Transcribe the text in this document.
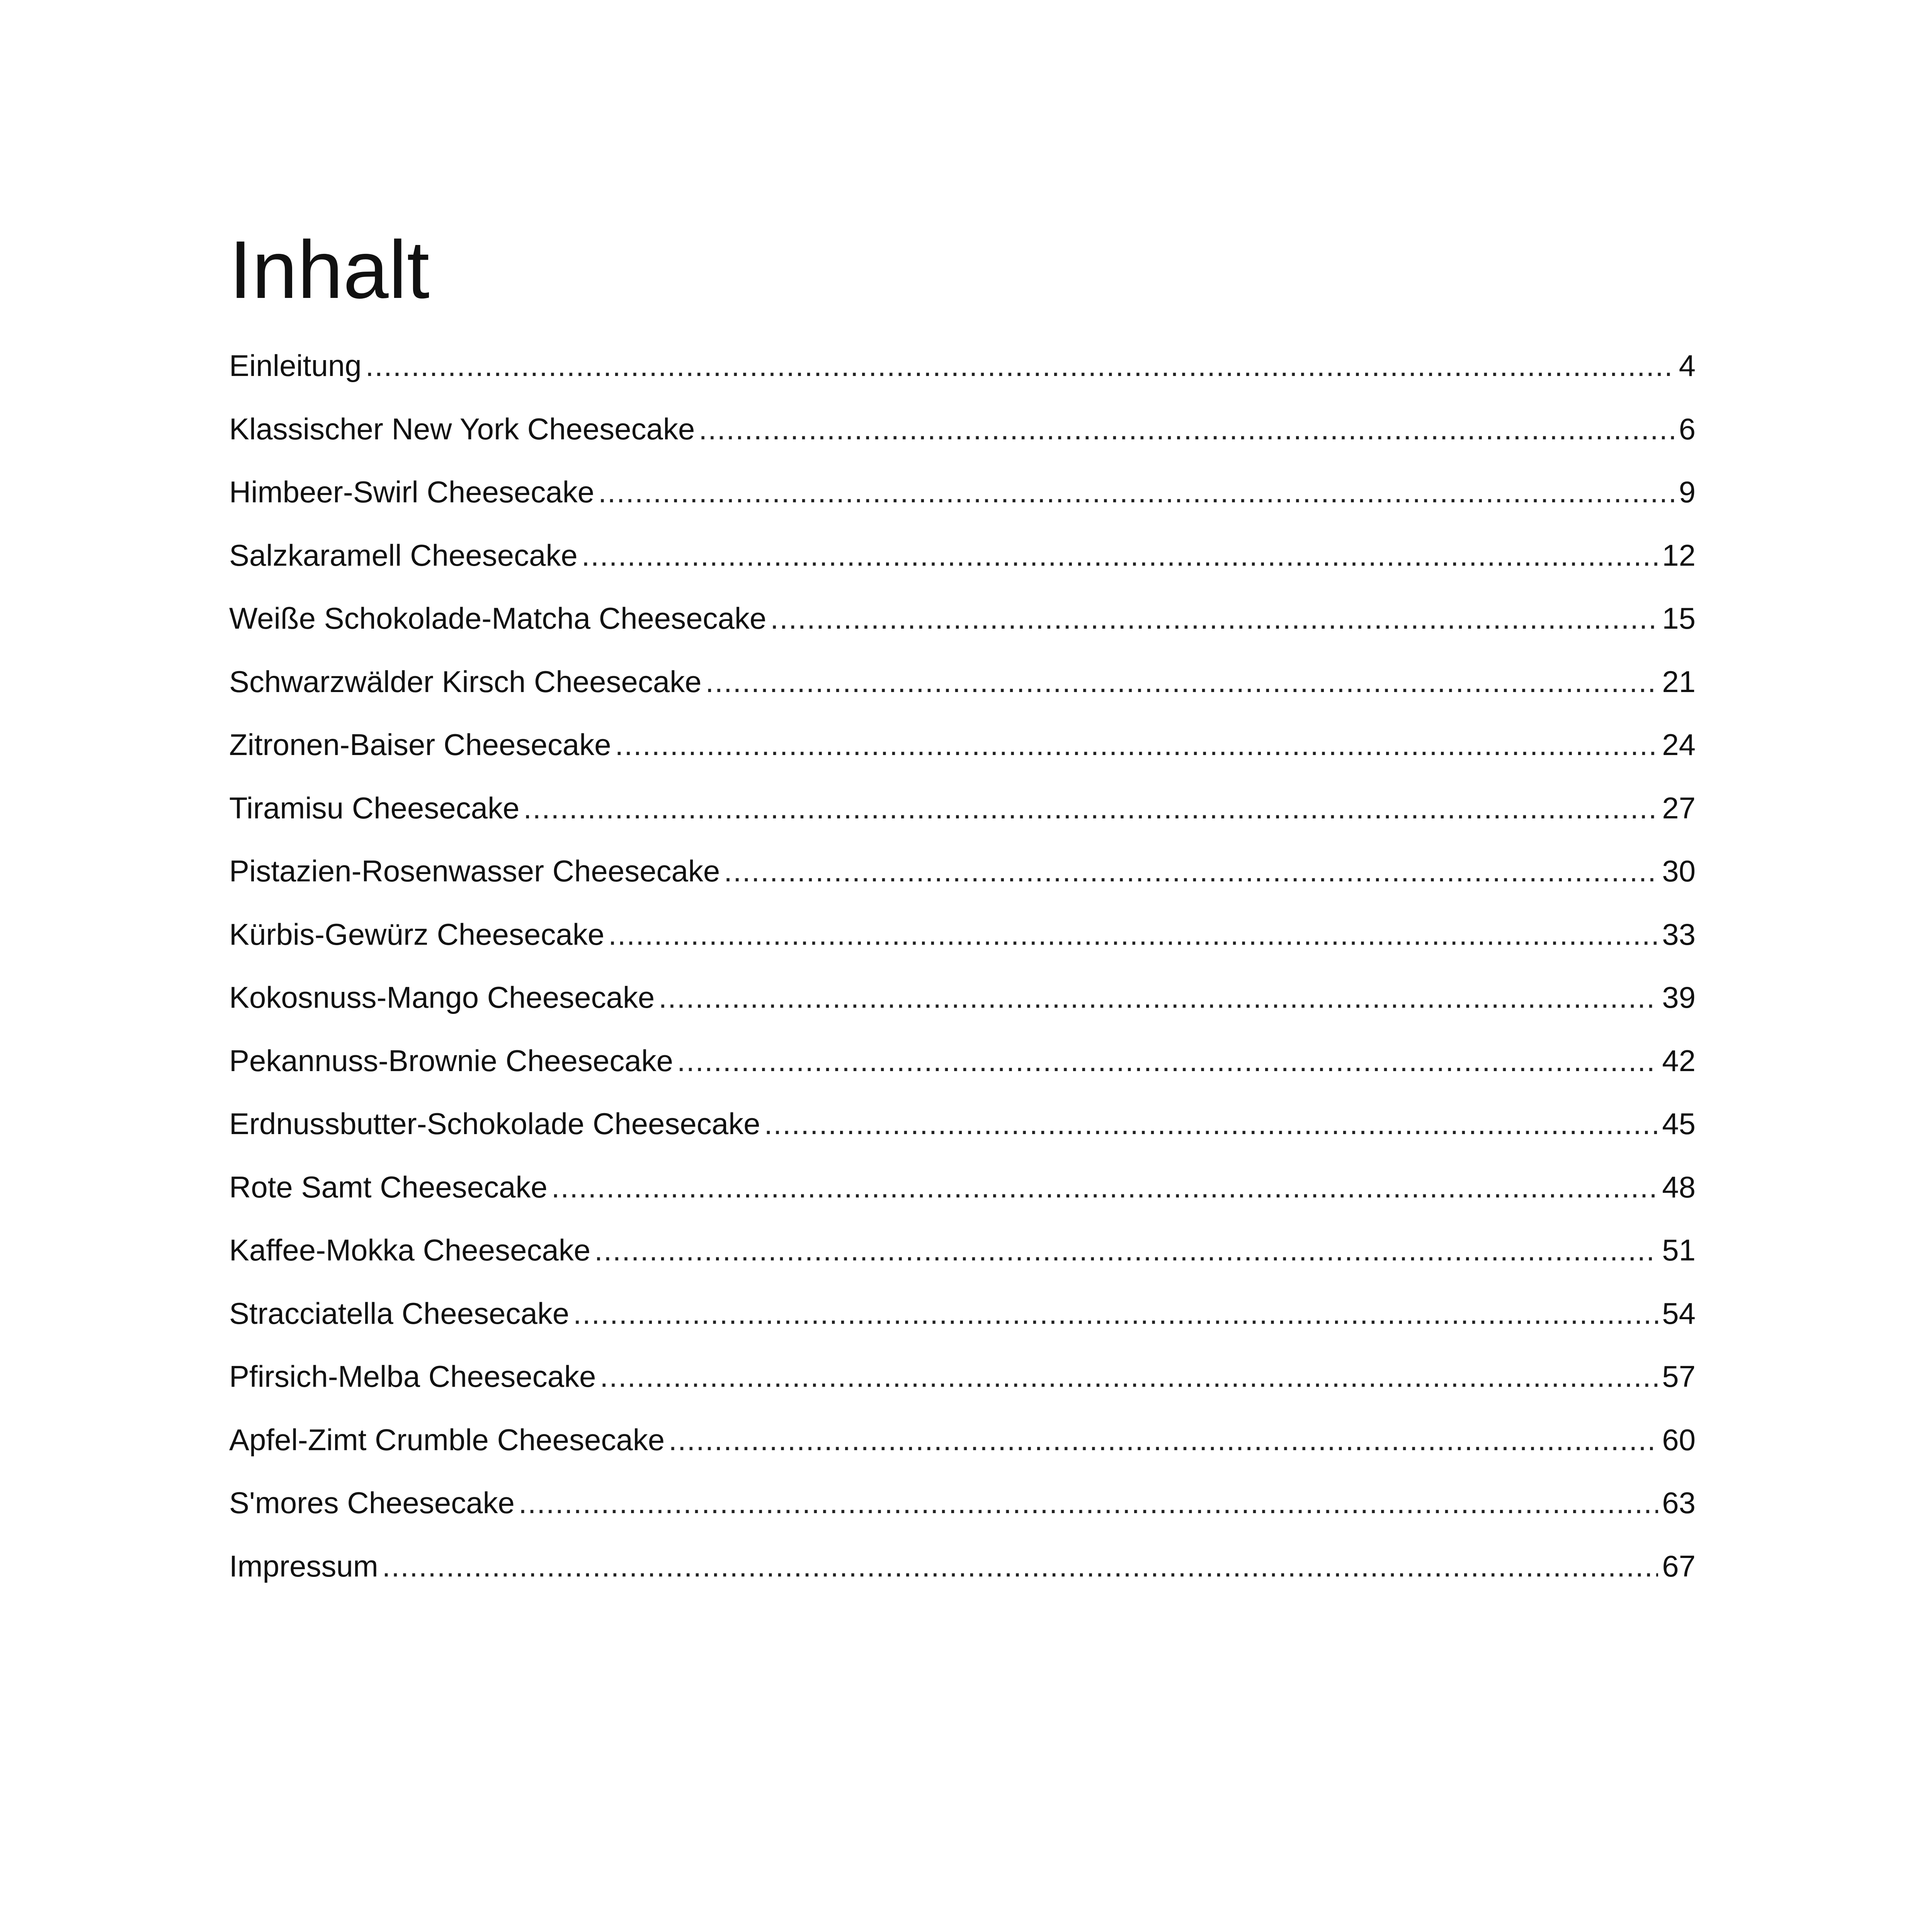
Inhalt
Einleitung .....	4
Klassischer New York Cheesecake .....	6
Himbeer-Swirl Cheesecake .....	9
Salzkaramell Cheesecake .....	12
Weiße Schokolade-Matcha Cheesecake .....	15
Schwarzwälder Kirsch Cheesecake .....	21
Zitronen-Baiser Cheesecake .....	24
Tiramisu Cheesecake .....	27
Pistazien-Rosenwasser Cheesecake .....	30
Kürbis-Gewürz Cheesecake .....	33
Kokosnuss-Mango Cheesecake .....	39
Pekannuss-Brownie Cheesecake .....	42
Erdnussbutter-Schokolade Cheesecake .....	45
Rote Samt Cheesecake .....	48
Kaffee-Mokka Cheesecake .....	51
Stracciatella Cheesecake .....	54
Pfirsich-Melba Cheesecake .....	57
Apfel-Zimt Crumble Cheesecake .....	60
S'mores Cheesecake .....	63
Impressum .....	67
